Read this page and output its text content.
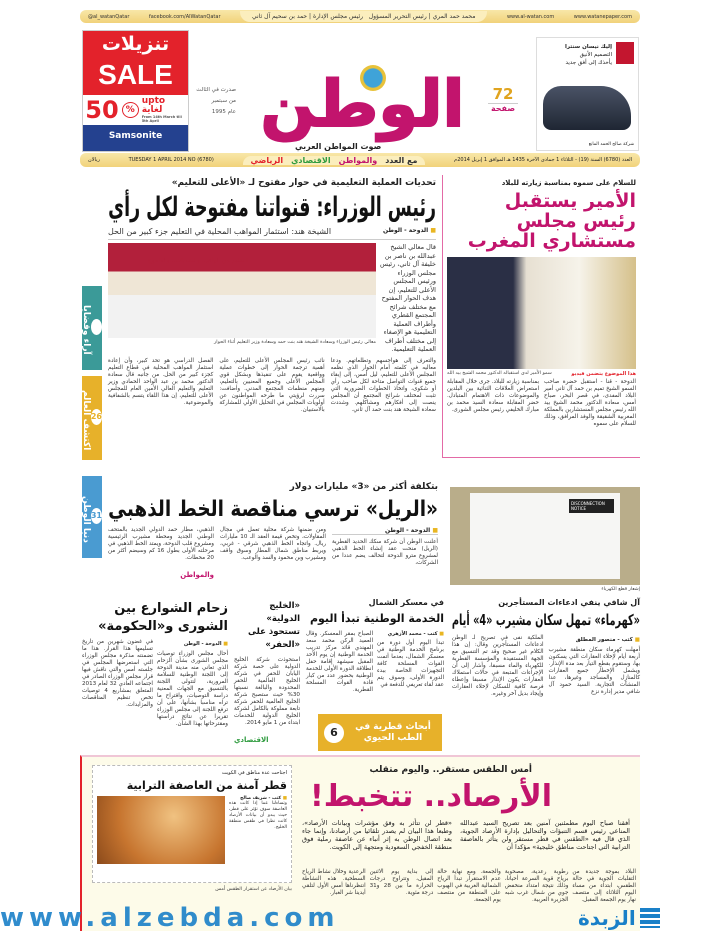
@al_watanQatar	facebook.com/AlWatanQatar	محمد حمد المري | رئيس التحرير المسؤول   رئيس مجلس الإدارة | حمد بن سحيم آل ثاني	www.al-watan.com	www.watanepaper.com
تنزيلات
SALE
50 %
upto
لغاية
From 14th March till 5th April
Samsonite	الوطن
صوت المواطن العربي
صدرت في الثالث
من سبتمبر
عام 1995
72
صفحة
إليك نيسان سنترا
التصميم الأنيق
يأخذك إلى أفق جديد
شركة صالح الحمد المانع
العدد (6780) السنة (19) - الثلاثاء 1 جمادى الآخرة 1435 هـ الموافق 1 إبريل 2014م
مع العدد
والمواطن
الاقتصادي
الرياضي
TUESDAY 1 APRIL 2014 NO (6780)
ريالان
16
آراء وقضايا
26
اكتشف العالم
31
دنيا الوطن
للسلام على سموه بمناسبة زيارته للبلاد
الأمير يستقبل رئيس مجلس مستشاري المغرب
سمو الأمير لدى استقباله الدكتور محمد الشيخ بيد الله	هذا الموضوع يتضمن فيديو

الدوحة - قنا - استقبل حضرة صاحب السمو الشيخ تميم بن حمد آل ثاني أمير البلاد المفدى، في قصر البحر، صباح أمس، سعادة الدكتور محمد الشيخ بيد الله رئيس مجلس المستشارين بالمملكة المغربية الشقيقة والوفد المرافق، وذلك للسلام على سموه

بمناسبة زيارته للبلاد. جرى خلال المقابلة استعراض العلاقات الثنائية بين البلدين والموضوعات ذات الاهتمام المتبادل. حضر المقابلة سعادة السيد محمد بن مبارك الخليفي رئيس مجلس الشورى.

تحديات العملية التعليمية في حوار مفتوح لـ «الأعلى للتعليم»
رئيس الوزراء: قنواتنا مفتوحة لكل رأي
■ الدوحة - الوطن
الشيخة هند: استثمار المواهب المحلية في التعليم جزء كبير من الحل

قال معالي الشيخ عبدالله بن ناصر بن خليفة آل ثاني، رئيس مجلس الوزراء ورئيس المجلس الأعلى للتعليم، إن هدف الحوار المفتوح مع مختلف شرائح المجتمع القطري وأطراف العملية التعليمية هو الإصغاء إلى مختلف أطراف العملية التعليمية.

التعليم بين الواقع.. والتحديات.. والطموح
معالي رئيس الوزراء وسعادة الشيخة هند بنت حمد وسعادة وزير التعليم أثناء الحوار

والتعرف إلى هواجسهم وتطلعاتهم. ودعا معاليه في كلمته أمام الحوار الذي نظمه المجلس الأعلى للتعليم، ليل أمس، إلى إبقاء جميع قنوات التواصل متاحة لكل صاحب رأي أو شكوى، واتخاذ الخطوات الضرورية التي تثبت لمختلف شرائح المجتمع أن المجلس ينصت إلى أفكارهم ومشاكلهم. وشددت سعادة الشيخة هند بنت حمد آل ثاني.

نائب رئيس المجلس الأعلى للتعليم، على أهمية ترجمة الحوار إلى خطوات عملية وواقعية يقوم على تنفيذها وبشكل قوي المجلس الأعلى وجميع المعنيين بالتعليم، ومنهم منظمات المجتمع المدني. وأضافت: سررت لرؤيتي ما طرحه المواطنون عن أولويات المجلس في التحليل الأولي للمشاركة بالاستبيان.

الفصل الدراسي هو تحد كبير، وأن إعادة استثمار المواهب المحلية في قطاع التعليم كجزء كبير من الحل. من جانبه قال سعادة الدكتور محمد بن عبد الواحد الحمادي وزير التعليم والتعليم العالي الأمين العام للمجلس الأعلى للتعليم، إن هذا اللقاء يتسم بالشفافية والموضوعية.

DISCONNECTION NOTICE
إشعار قطع الكهرباء
بتكلفة أكثر من «3» مليارات دولار
«الريل» ترسي مناقصة الخط الذهبي
■ الدوحة - الوطن

أعلنت الوطن أن شركة سكك الحديد القطرية (الريل) منحت عقد إنشاء الخط الذهبي لمشروع مترو الدوحة لتحالف يضم عددا من الشركات،

ومن ضمنها شركة محلية تعمل في مجال المقاولات، وتخص قيمة العقد الـ 10 مليارات ريال. واتجاه الخط الذهبي شرقي - غربي، ويربط مناطق شمال المطار وسوق واقف ومشيرب وبن محمود والسد والوعب.

الذهبي، مطار حمد الدولي الجديد بالمتحف الوطني الجديد ومحطة مشيرب الرئيسية ومشروع قلب الدوحة، ويمتد الخط الذهبي في مرحلته الأولى بطول 16 كم وسيضم أكثر من 20 محطات.

والمواطن
آل شافي ينفي ادعاءات المستأجرين
«كهرماء» تمهل سكان مشيرب «4» أيام
■ كتب - منصور المطلق

أمهلت كهرماء سكان منطقة مشيرب أربعة أيام لإخلاء العقارات التي يسكنون بها، وستقوم بقطع التيار بعد مدة الإنذار. ويشمل الإخطار جميع العقارات كالمنازل والمساجد وغيرها، عدا المنشآت التجارية. السيد حمود آل شافي مدير إدارة نزع

الملكية نفى في تصريح لـ الوطن ادعاءات المستأجرين وقال: إن هذا الكلام غير صحيح وقد تم التنسيق مع الجهة المستفيدة والمؤسسة القطرية للكهرباء والماء مسبقا، وأشار إلى أن الإجراءات المتبعة في حالات استملاك العقارات يكون الإنذار مسبقا وإعطاء فرصة كافية للسكان لإخلاء العقارات وإيجاد بديل آخر وغيره.

في معسكر الشمال
الخدمة الوطنية تبدأ اليوم
■ كتب - محمد الأزهري

تبدأ اليوم أول دورة من برنامج الخدمة الوطنية في معسكر الشمال، بعدما أتمت القوات المسلحة كافة التجهيزات الخاصة ببدء الدورة الأولى، وسوف يتم عقد لقاء تعريفي للدفعة في

الصباح بمقر المعسكر. وقال العميد الركن محمد سعد المهندي قائد مركز تدريب الخدمة الوطنية إن يوم الأحد المقبل سيشهد إقامة حفل انطلاقة الدورة الأولى للخدمة الوطنية بحضور عدد من كبار قادة القوات المسلحة القطرية.

أبحاث قطرية في الطب الحيوي
6
«الخليج الدولية» تستحوذ على «الحفر»

استحوذت شركة الخليج الدولية على حصة شركة اليابان للحفر في شركة الخليج العالمية للحفر المحدودة والبالغة نسبتها 30% حيث ستصبح شركة الخليج العالمية للحفر شركة تابعة مملوكة بالكامل لشركة الخليج الدولية للخدمات ابتداء من 1 مايو 2014.

الاقتصادي
زحام الشوارع بين الشورى و«الحكومة»
■ الدوحة - الوطن

أحال مجلس الوزراء توصيات مجلس الشورى بشأن الزحام الذي تعاني منه مدينة الدوحة إلى اللجنة الوطنية للسلامة المرورية، لتتولى اللجنة بالتنسيق مع الجهات المعنية دراسة التوصيات، واقتراح ما تراه مناسبا بشأنها، على أن ترفع اللجنة إلى مجلس الوزراء تقريرا عن نتائج دراستها ومقترحاتها بهذا الشأن.

في غضون شهرين من تاريخ تسليمها هذا القرار. هذا ما تضمنته مذكرة مجلس الوزراء التي استعرضها المجلس في جلسته أمس والتي ناقش فيها قرار مجلس الوزراء الصادر في اجتماعه العادي 32 لعام 2013 المتعلق بمشاريع 4 توصيات تخص تنظيم المناقصات والمزايدات.

اجتاحت عدة مناطق في الكويت
قطر آمنة من العاصفة الترابية
■ كتب - شريف صالح

وتساءلنا عما إذا كانت هذه العاصفة سوف تؤثر على قطر، حيث يبدو أن بيانات الأرصاد كانت نظرا في طقس منطقة الخليج.

بيان الأرصاد عن استقرار الطقس أمس
أمس الطقس مستقر.. واليوم متقلب
الأرصاد.. تتخبط!

أفقنا صباح اليوم مطمئنين آمنين بعد تصريح السيد عبدالله المناعي رئيس قسم التنبؤات والتحاليل بإدارة الأرصاد الجوية، الذي قال فيه «الطقس في قطر مستقر ولن يتأثر بالعاصفة الترابية التي اجتاحت مناطق خليجية» مؤكدا أن

«قطر لن تتأثر به وفق مؤشرات وبيانات الأرصاد»، وطبعا هذا البيان لم يصدر تلقائيا من أرصادنا، وإنما جاء بعد اتصال الوطن به إثر أنباء عن عاصفة رملية فوق منطقة الخفجي السعودية ومتجهة إلى الكويت.

البلاد بموجة جديدة من التقلبات الجوية في حالة الطقس، ابتداء من مساء اليوم الثلاثاء إلى منتصف نهار يوم الجمعة المقبل.

رطوبة رعدية، مصحوبة برياح قوية السرعة أحيانا، وذلك نتيجة امتداد منخفض جوي من شمال غرب شبه الجزيرة العربية.

والجمعة. ومع نهاية حالة عدم الاستقرار تبدأ الرياح الشمالية الغربية في الهبوب على المنطقة من منتصف يوم الجمعة.

إلى بداية يوم الاثنين المقبل، وتتراوح درجات الحرارة ما بين 28 و31 درجة مئوية.

الرعدية وخلال نشاط الرياح السطحية. هذه النشاطة انتظرناها أمس الأول لتلقي أيدينا شر الغبار.

www.alzebda.com	الزبدة
